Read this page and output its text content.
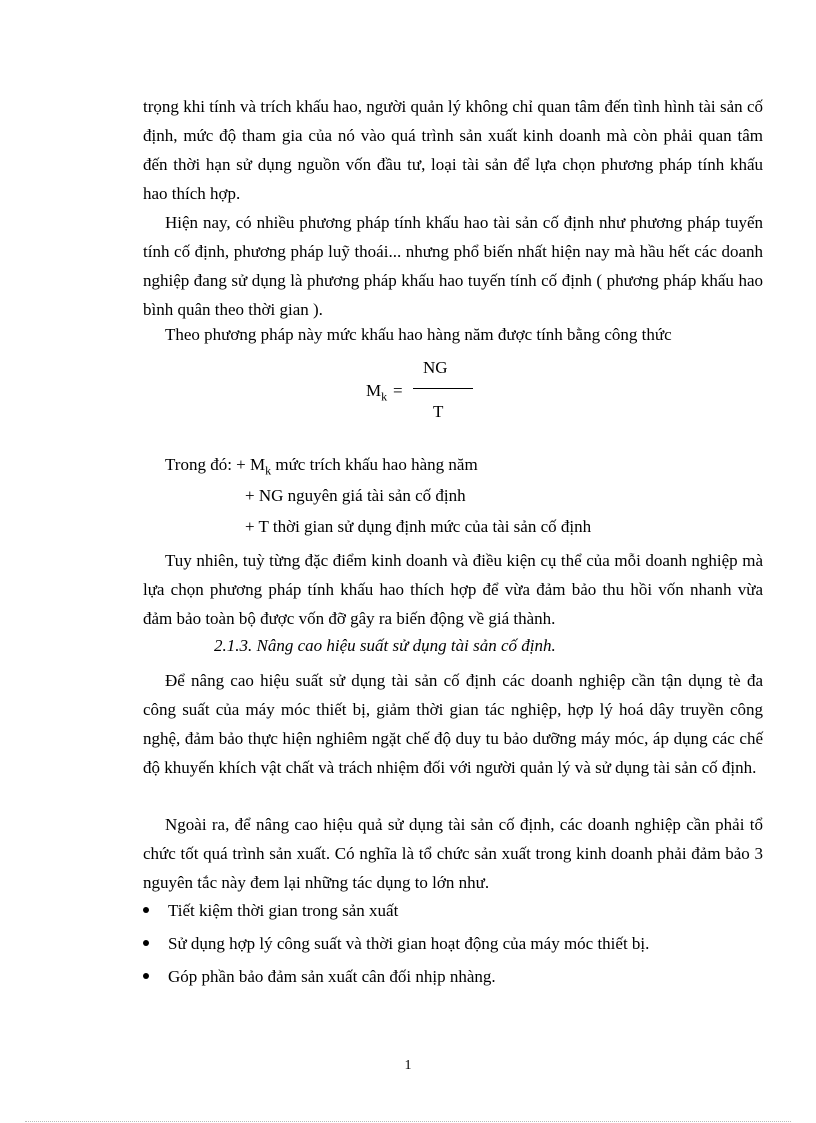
trọng khi tính và trích khấu hao, người quản lý không chỉ quan tâm đến tình hình tài sản cố định, mức độ tham gia của nó vào quá trình sản xuất kinh doanh mà còn phải quan tâm đến thời hạn sử dụng nguồn vốn đầu tư, loại tài sản để lựa chọn phương pháp tính khấu hao thích hợp.

Hiện nay, có nhiều phương pháp tính khấu hao tài sản cố định như phương pháp tuyến tính cố định, phương pháp luỹ thoái... nhưng phổ biến nhất hiện nay mà hầu hết các doanh nghiệp đang sử dụng là phương pháp khấu hao tuyến tính cố định ( phương pháp khấu hao bình quân theo thời gian ).

Theo phương pháp này mức khấu hao hàng năm được tính bằng công thức
$M_k$ =
NG
T
Trong đó: + $M_k$ mức trích khấu hao hàng năm
+ NG nguyên giá tài sản cố định
+ T thời gian sử dụng định mức của tài sản cố định

Tuy nhiên, tuỳ từng đặc điểm kinh doanh và điều kiện cụ thể của mỗi doanh nghiệp mà lựa chọn phương pháp tính khấu hao thích hợp để vừa đảm bảo thu hồi vốn nhanh vừa đảm bảo toàn bộ được vốn đỡ gây ra biến động về giá thành.

2.1.3. Nâng cao hiệu suất sử dụng tài sản cố định.

Để nâng cao hiệu suất sử dụng tài sản cố định các doanh nghiệp cần tận dụng tè đa công suất của máy móc thiết bị, giảm thời gian tác nghiệp, hợp lý hoá dây truyền công nghệ, đảm bảo thực hiện nghiêm ngặt chế độ duy tu bảo dưỡng máy móc, áp dụng các chế độ khuyến khích vật chất và trách nhiệm đối với người quản lý và sử dụng tài sản cố định.

Ngoài ra, để nâng cao hiệu quả sử dụng tài sản cố định, các doanh nghiệp cần phải tổ chức tốt quá trình sản xuất. Có nghĩa là tổ chức sản xuất trong kinh doanh phải đảm bảo 3 nguyên tắc này đem lại những tác dụng to lớn như.

Tiết kiệm thời gian trong sản xuất
Sử dụng hợp lý công suất và thời gian hoạt động của máy móc thiết bị.
Góp phần bảo đảm sản xuất cân đối nhịp nhàng.
1
